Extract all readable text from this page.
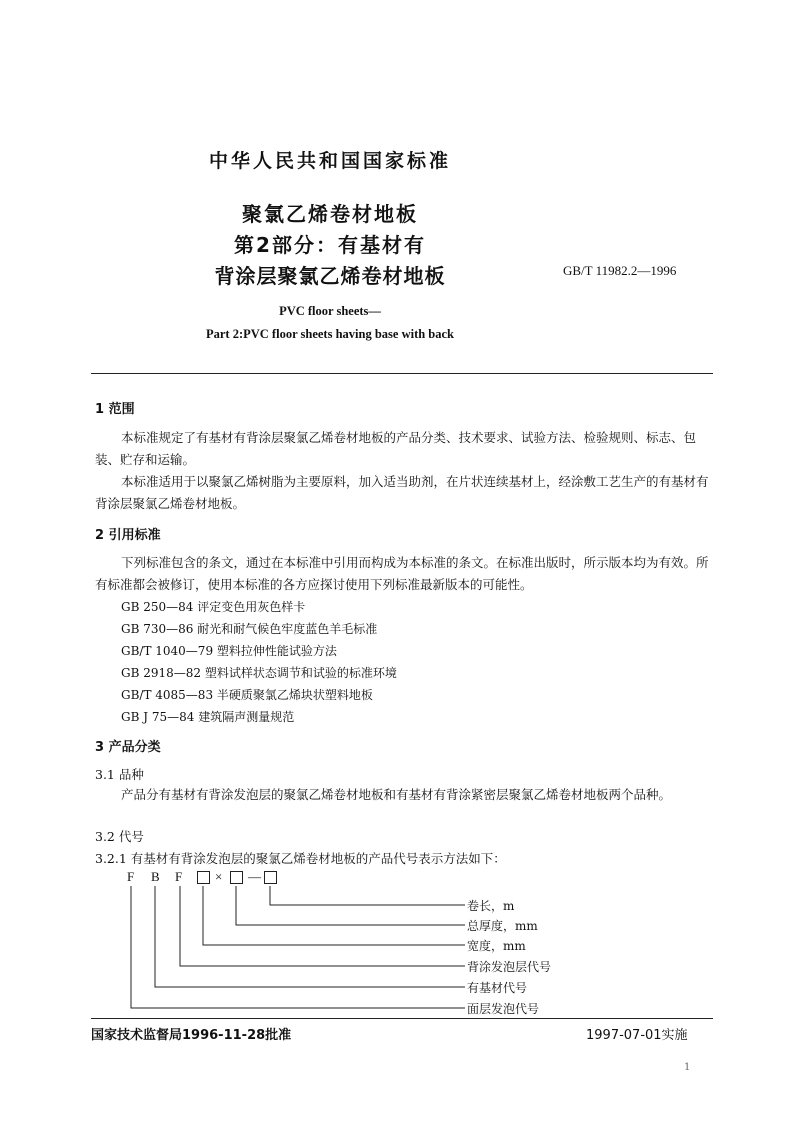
中华人民共和国国家标准
聚氯乙烯卷材地板
第2部分：有基材有
背涂层聚氯乙烯卷材地板	GB/T 11982.2—1996
PVC floor sheets—
Part 2:PVC floor sheets having base with back
1 范围
本标准规定了有基材有背涂层聚氯乙烯卷材地板的产品分类、技术要求、试验方法、检验规则、标志、包装、贮存和运输。
本标准适用于以聚氯乙烯树脂为主要原料，加入适当助剂，在片状连续基材上，经涂敷工艺生产的有基材有背涂层聚氯乙烯卷材地板。
2 引用标准
下列标准包含的条文，通过在本标准中引用而构成为本标准的条文。在标准出版时，所示版本均为有效。所有标准都会被修订，使用本标准的各方应探讨使用下列标准最新版本的可能性。
GB 250—84 评定变色用灰色样卡
GB 730—86 耐光和耐气候色牢度蓝色羊毛标准
GB/T 1040—79 塑料拉伸性能试验方法
GB 2918—82 塑料试样状态调节和试验的标准环境
GB/T 4085—83 半硬质聚氯乙烯块状塑料地板
GB J 75—84 建筑隔声测量规范
3 产品分类
3.1 品种
产品分有基材有背涂发泡层的聚氯乙烯卷材地板和有基材有背涂紧密层聚氯乙烯卷材地板两个品种。
3.2 代号
3.2.1 有基材有背涂发泡层的聚氯乙烯卷材地板的产品代号表示方法如下：
F B F	× —
卷长，m
总厚度，mm
宽度，mm
背涂发泡层代号
有基材代号
面层发泡代号
国家技术监督局1996-11-28批准	1997-07-01实施
1
